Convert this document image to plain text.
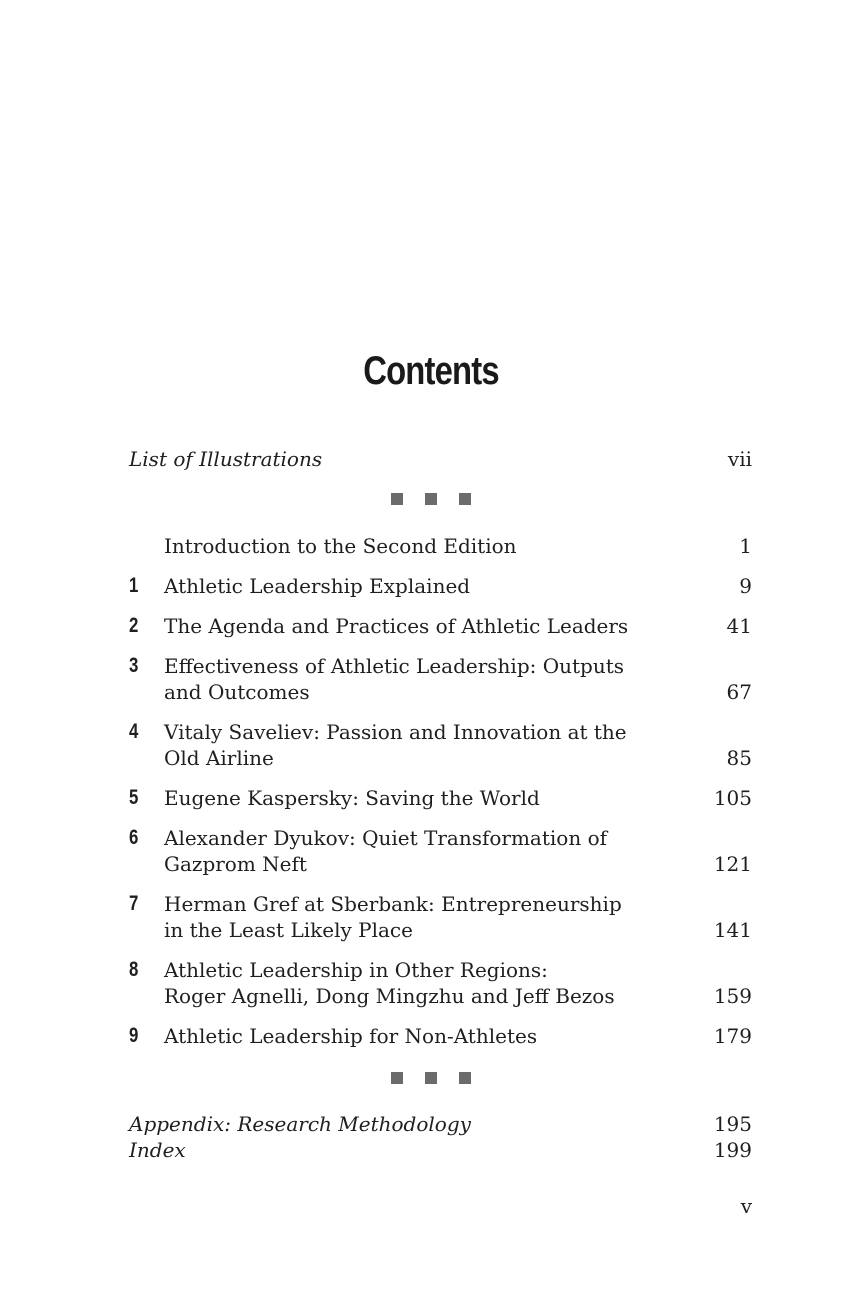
Contents
List of Illustrations	vii
Introduction to the Second Edition	1
1 Athletic Leadership Explained	9
2 The Agenda and Practices of Athletic Leaders	41
3 Effectiveness of Athletic Leadership: Outputs
and Outcomes	67
4 Vitaly Saveliev: Passion and Innovation at the
Old Airline	85
5 Eugene Kaspersky: Saving the World	105
6 Alexander Dyukov: Quiet Transformation of
Gazprom Neft	121
7 Herman Gref at Sberbank: Entrepreneurship
in the Least Likely Place	141
8 Athletic Leadership in Other Regions:
Roger Agnelli, Dong Mingzhu and Jeff Bezos	159
9 Athletic Leadership for Non-Athletes	179
Appendix: Research Methodology	195
Index	199
v
